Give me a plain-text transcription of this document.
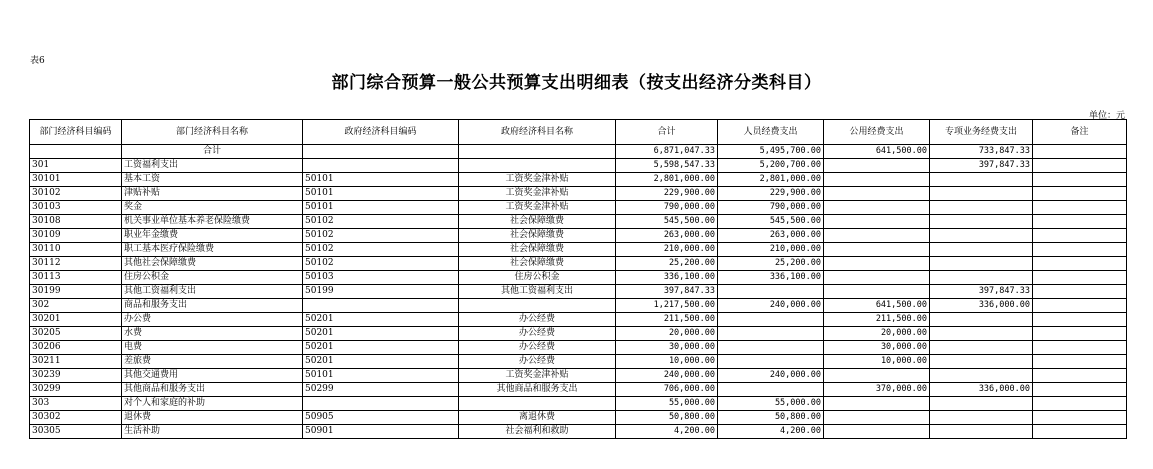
表6
部门综合预算一般公共预算支出明细表（按支出经济分类科目）
单位：元
部门经济科目编码	部门经济科目名称	政府经济科目编码	政府经济科目名称	合计	人员经费支出	公用经费支出	专项业务经费支出	备注
	合计			6,871,047.33	5,495,700.00	641,500.00	733,847.33	
301	工资福利支出			5,598,547.33	5,200,700.00		397,847.33	
30101	基本工资	50101	工资奖金津补贴	2,801,000.00	2,801,000.00			
30102	津贴补贴	50101	工资奖金津补贴	229,900.00	229,900.00			
30103	奖金	50101	工资奖金津补贴	790,000.00	790,000.00			
30108	机关事业单位基本养老保险缴费	50102	社会保障缴费	545,500.00	545,500.00			
30109	职业年金缴费	50102	社会保障缴费	263,000.00	263,000.00			
30110	职工基本医疗保险缴费	50102	社会保障缴费	210,000.00	210,000.00			
30112	其他社会保障缴费	50102	社会保障缴费	25,200.00	25,200.00			
30113	住房公积金	50103	住房公积金	336,100.00	336,100.00			
30199	其他工资福利支出	50199	其他工资福利支出	397,847.33			397,847.33	
302	商品和服务支出			1,217,500.00	240,000.00	641,500.00	336,000.00	
30201	办公费	50201	办公经费	211,500.00		211,500.00		
30205	水费	50201	办公经费	20,000.00		20,000.00		
30206	电费	50201	办公经费	30,000.00		30,000.00		
30211	差旅费	50201	办公经费	10,000.00		10,000.00		
30239	其他交通费用	50101	工资奖金津补贴	240,000.00	240,000.00			
30299	其他商品和服务支出	50299	其他商品和服务支出	706,000.00		370,000.00	336,000.00	
303	对个人和家庭的补助			55,000.00	55,000.00			
30302	退休费	50905	离退休费	50,800.00	50,800.00			
30305	生活补助	50901	社会福利和救助	4,200.00	4,200.00			
